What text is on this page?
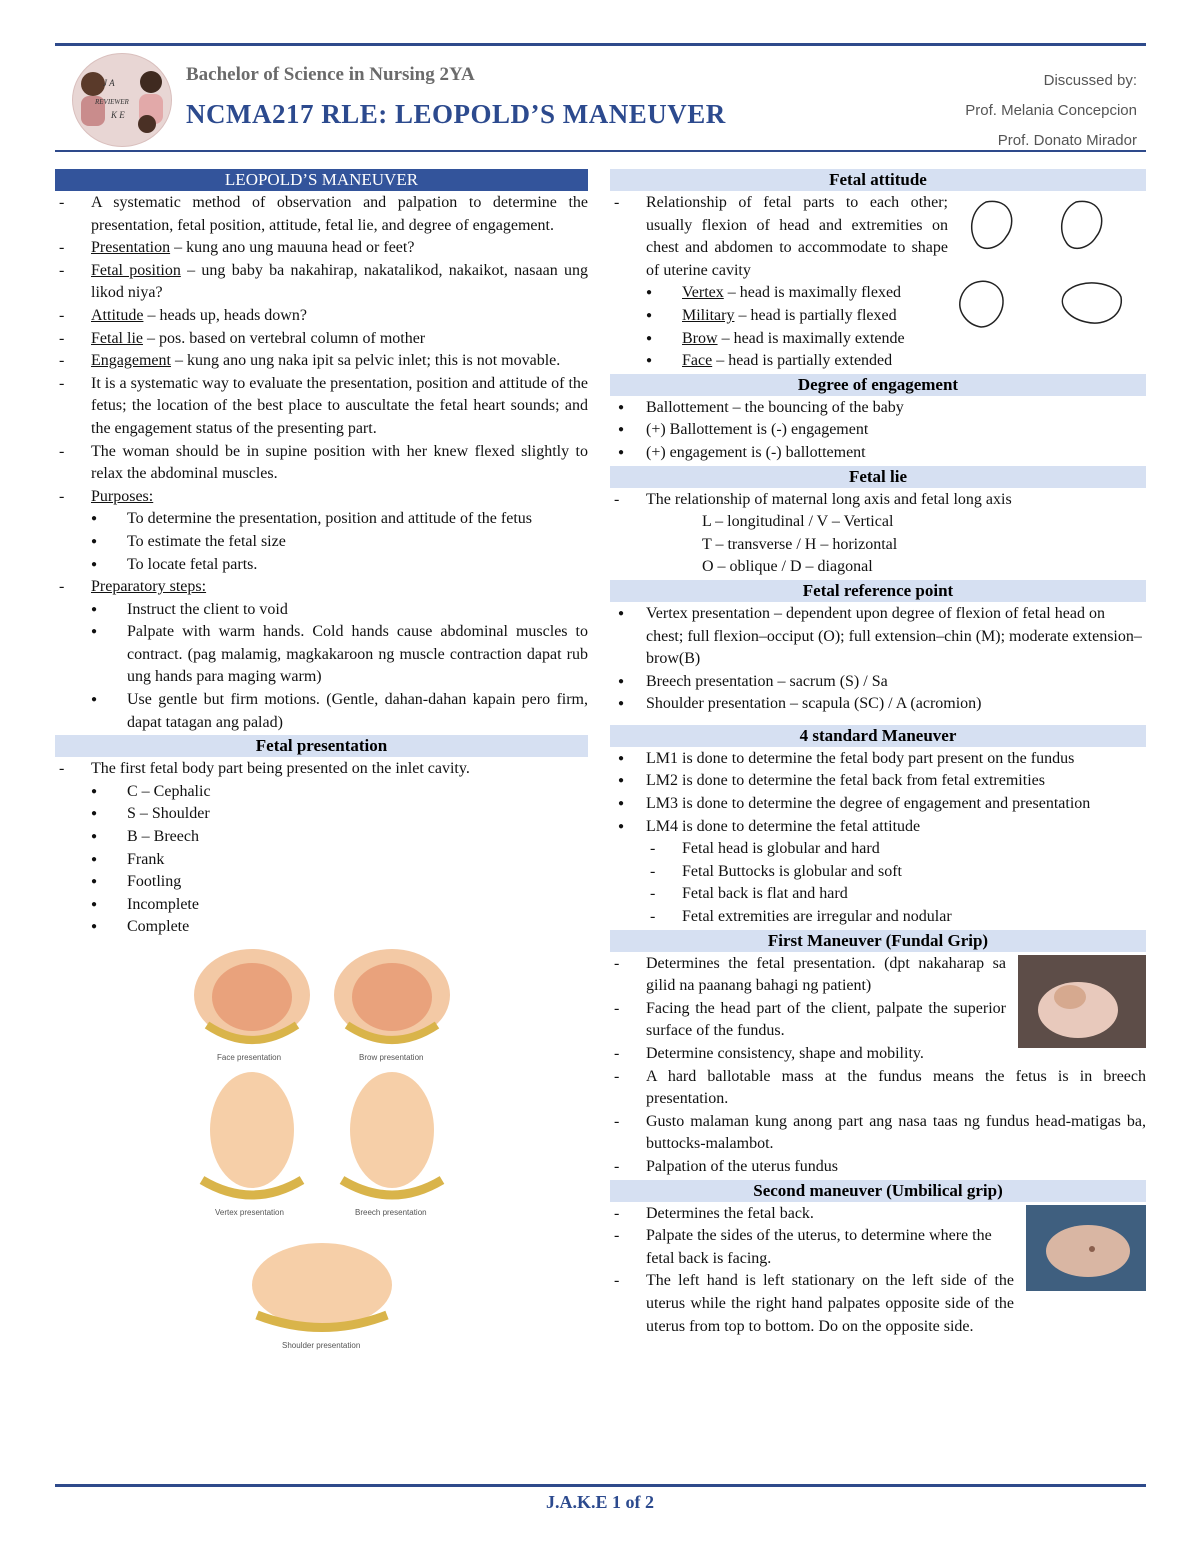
J A
REVIEWER
K E
Bachelor of Science in Nursing 2YA
NCMA217 RLE: LEOPOLD’S MANEUVER
Discussed by:
Prof. Melania Concepcion
Prof. Donato Mirador
LEOPOLD’S MANEUVER
- A systematic method of observation and palpation to determine the presentation, fetal position, attitude, fetal lie, and degree of engagement.
- Presentation – kung ano ung mauuna head or feet?
- Fetal position – ung baby ba nakahirap, nakatalikod, nakaikot, nasaan ung likod niya?
- Attitude – heads up, heads down?
- Fetal lie – pos. based on vertebral column of mother
- Engagement – kung ano ung naka ipit sa pelvic inlet; this is not movable.
- It is a systematic way to evaluate the presentation, position and attitude of the fetus; the location of the best place to auscultate the fetal heart sounds; and the engagement status of the presenting part.
- The woman should be in supine position with her knew flexed slightly to relax the abdominal muscles.
- Purposes:
● To determine the presentation, position and attitude of the fetus
● To estimate the fetal size
● To locate fetal parts.
- Preparatory steps:
● Instruct the client to void
● Palpate with warm hands. Cold hands cause abdominal muscles to contract. (pag malamig, magkakaroon ng muscle contraction dapat rub ung hands para maging warm)
● Use gentle but firm motions. (Gentle, dahan-dahan kapain pero firm, dapat tatagan ang palad)
Fetal presentation
- The first fetal body part being presented on the inlet cavity.
● C – Cephalic
● S – Shoulder
● B – Breech
● Frank
● Footling
● Incomplete
● Complete
Face presentation	Brow presentation
Vertex presentation	Breech presentation
Shoulder presentation
Fetal attitude
- Relationship of fetal parts to each other; usually flexion of head and extremities on chest and abdomen to accommodate to shape of uterine cavity
● Vertex – head is maximally flexed
● Military – head is partially flexed
● Brow – head is maximally extende
● Face – head is partially extended
Degree of engagement
● Ballottement – the bouncing of the baby
● (+) Ballottement is (-) engagement
● (+) engagement is (-) ballottement
Fetal lie
- The relationship of maternal long axis and fetal long axis
L – longitudinal / V – Vertical
T – transverse / H – horizontal
O – oblique / D – diagonal
Fetal reference point
● Vertex presentation – dependent upon degree of flexion of fetal head on chest; full flexion–occiput (O); full extension–chin (M); moderate extension–brow(B)
● Breech presentation – sacrum (S) / Sa
● Shoulder presentation – scapula (SC) / A (acromion)
4 standard Maneuver
● LM1 is done to determine the fetal body part present on the fundus
● LM2 is done to determine the fetal back from fetal extremities
● LM3 is done to determine the degree of engagement and presentation
● LM4 is done to determine the fetal attitude
- Fetal head is globular and hard
- Fetal Buttocks is globular and soft
- Fetal back is flat and hard
- Fetal extremities are irregular and nodular
First Maneuver (Fundal Grip)
- Determines the fetal presentation. (dpt nakaharap sa gilid na paanang bahagi ng patient)
- Facing the head part of the client, palpate the superior surface of the fundus.
- Determine consistency, shape and mobility.
- A hard ballotable mass at the fundus means the fetus is in breech presentation.
- Gusto malaman kung anong part ang nasa taas ng fundus head-matigas ba, buttocks-malambot.
- Palpation of the uterus fundus
Second maneuver (Umbilical grip)
- Determines the fetal back.
- Palpate the sides of the uterus, to determine where the fetal back is facing.
- The left hand is left stationary on the left side of the uterus while the right hand palpates opposite side of the uterus from top to bottom. Do on the opposite side.
J.A.K.E 1 of 2
